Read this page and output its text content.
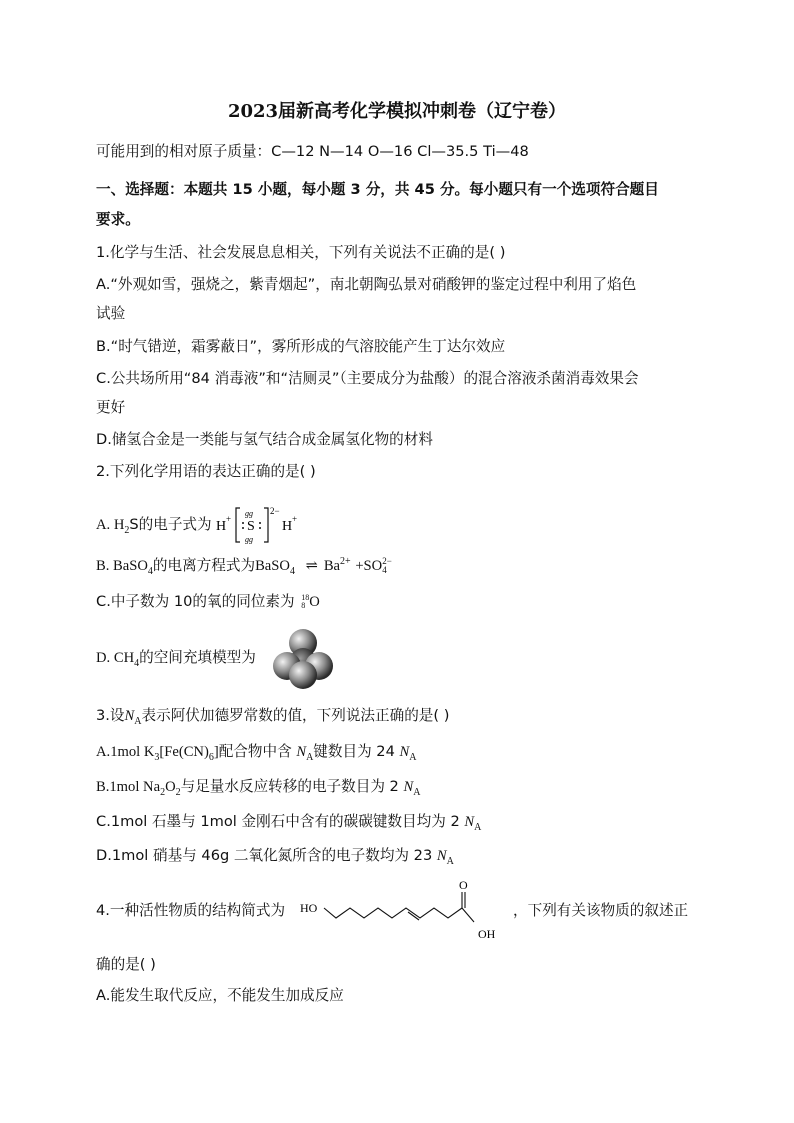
2023届新高考化学模拟冲刺卷（辽宁卷）
可能用到的相对原子质量：C—12 N—14 O—16 Cl—35.5 Ti—48
一、选择题：本题共 15 小题，每小题 3 分，共 45 分。每小题只有一个选项符合题目
要求。
1.化学与生活、社会发展息息相关，下列有关说法不正确的是( )
A.“外观如雪，强烧之，紫青烟起”，南北朝陶弘景对硝酸钾的鉴定过程中利用了焰色
试验
B.“时气错逆，霜雾蔽日”，雾所形成的气溶胶能产生丁达尔效应
C.公共场所用“84 消毒液”和“洁厕灵”（主要成分为盐酸）的混合溶液杀菌消毒效果会
更好
D.储氢合金是一类能与氢气结合成金属氢化物的材料
2.下列化学用语的表达正确的是( )
A. $H_2S$的电子式为 H +
gg
S
gg
2−
H +
B. BaSO$_4$的电离方程式为BaSO$_4$ ⇌ $Ba^{2+} +SO$ 2−
4
C.中子数为 10的氧的同位素为 18
8 O
D. $CH_4$的空间充填模型为
3.设$N_A$表示阿伏加德罗常数的值，下列说法正确的是( )
A.1mol $K_3[Fe(CN)_6]$配合物中含 $N_A$键数目为 24 $N_A$
B.1mol $Na_2O_2$与足量水反应转移的电子数目为 2 $N_A$
C.1mol 石墨与 1mol 金刚石中含有的碳碳键数目均为 2 $N_A$
D.1mol 硝基与 46g 二氧化氮所含的电子数均为 23 $N_A$
4.一种活性物质的结构简式为 HO
O
OH
，下列有关该物质的叙述正
确的是( )
A.能发生取代反应，不能发生加成反应
